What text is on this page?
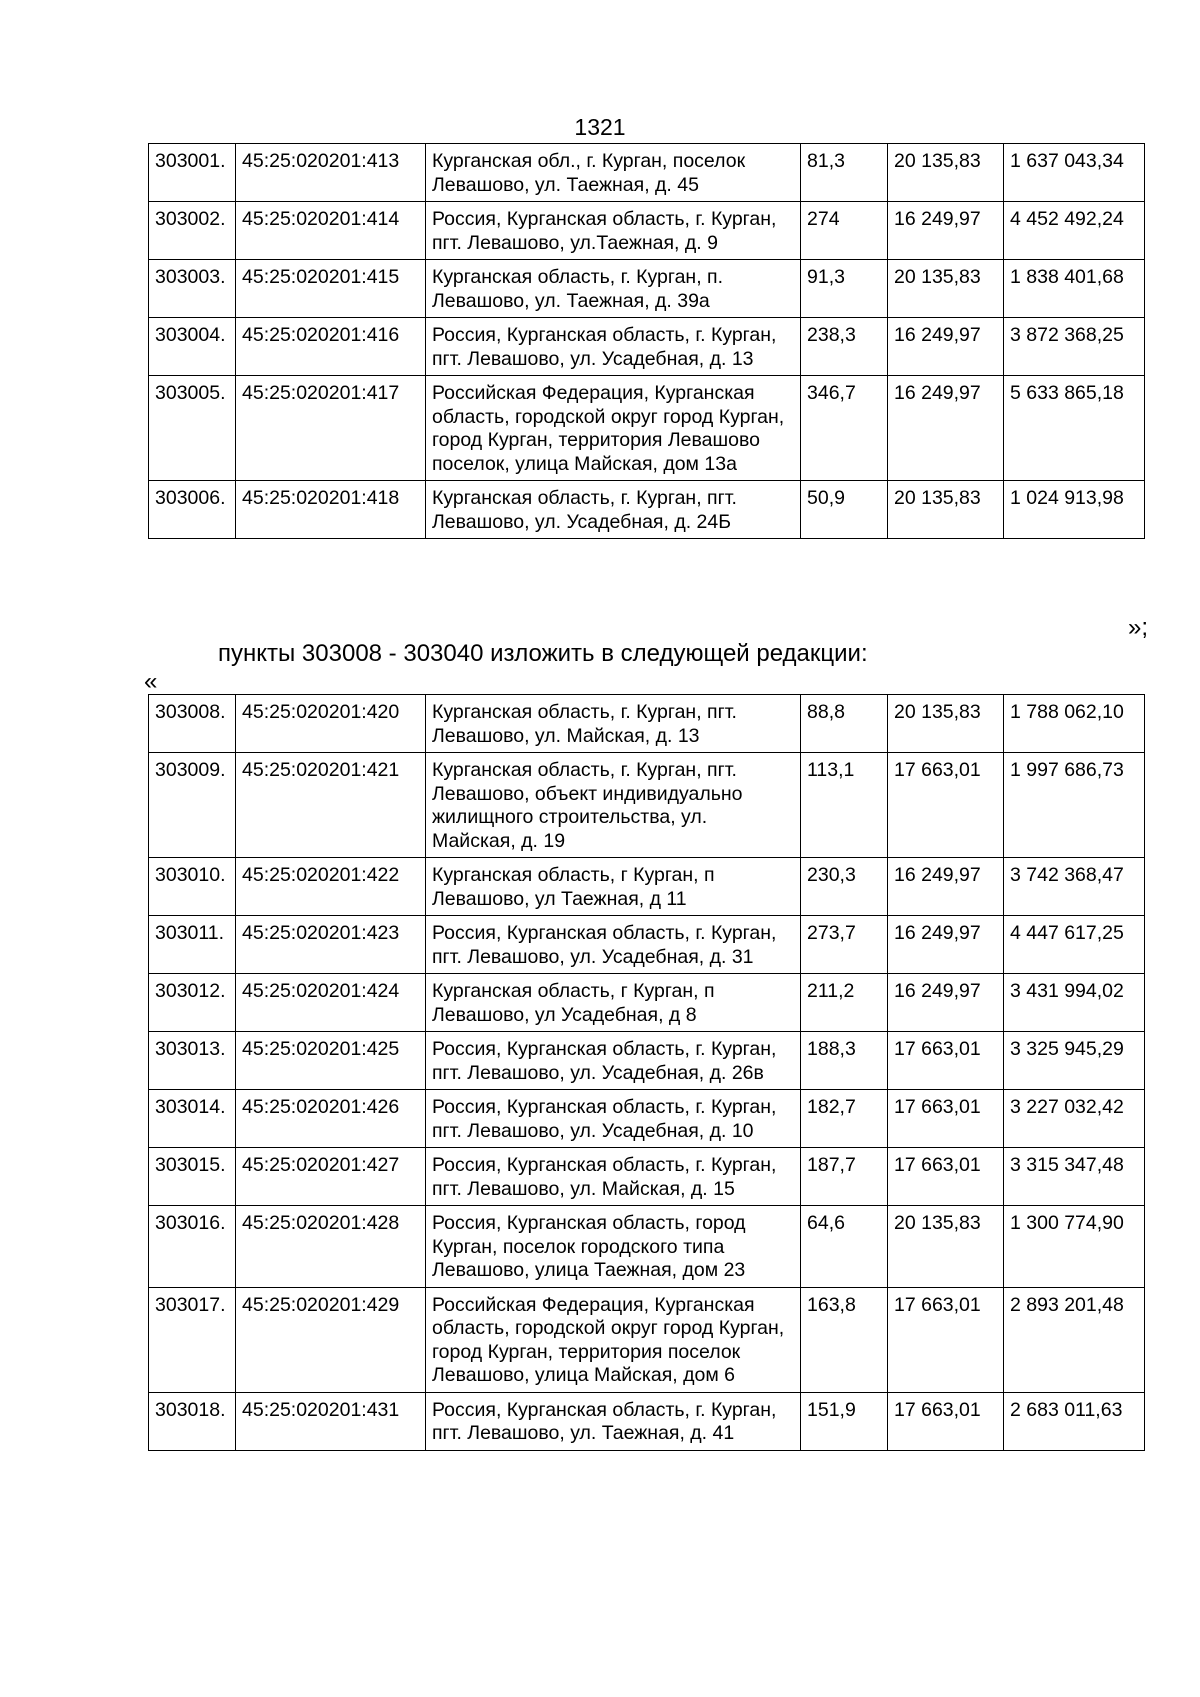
1321
303001.	45:25:020201:413	Курганская обл., г. Курган, поселок Левашово, ул. Таежная, д. 45	81,3	20 135,83	1 637 043,34
303002.	45:25:020201:414	Россия, Курганская область, г. Курган, пгт. Левашово, ул.Таежная, д. 9	274	16 249,97	4 452 492,24
303003.	45:25:020201:415	Курганская область, г. Курган, п. Левашово, ул. Таежная, д. 39а	91,3	20 135,83	1 838 401,68
303004.	45:25:020201:416	Россия, Курганская область, г. Курган, пгт. Левашово, ул. Усадебная, д. 13	238,3	16 249,97	3 872 368,25
303005.	45:25:020201:417	Российская Федерация, Курганская область, городской округ город Курган, город Курган, территория Левашово поселок, улица Майская, дом 13а	346,7	16 249,97	5 633 865,18
303006.	45:25:020201:418	Курганская область, г. Курган, пгт. Левашово, ул. Усадебная, д. 24Б	50,9	20 135,83	1 024 913,98
»;
пункты 303008 - 303040 изложить в следующей редакции:
«
303008.	45:25:020201:420	Курганская область, г. Курган, пгт. Левашово, ул. Майская, д. 13	88,8	20 135,83	1 788 062,10
303009.	45:25:020201:421	Курганская область, г. Курган, пгт. Левашово, объект индивидуально жилищного строительства, ул. Майская, д. 19	113,1	17 663,01	1 997 686,73
303010.	45:25:020201:422	Курганская область, г Курган, п Левашово, ул Таежная, д 11	230,3	16 249,97	3 742 368,47
303011.	45:25:020201:423	Россия, Курганская область, г. Курган, пгт. Левашово, ул. Усадебная, д. 31	273,7	16 249,97	4 447 617,25
303012.	45:25:020201:424	Курганская область, г Курган, п Левашово, ул Усадебная, д 8	211,2	16 249,97	3 431 994,02
303013.	45:25:020201:425	Россия, Курганская область, г. Курган, пгт. Левашово, ул. Усадебная, д. 26в	188,3	17 663,01	3 325 945,29
303014.	45:25:020201:426	Россия, Курганская область, г. Курган, пгт. Левашово, ул. Усадебная, д. 10	182,7	17 663,01	3 227 032,42
303015.	45:25:020201:427	Россия, Курганская область, г. Курган, пгт. Левашово, ул. Майская, д. 15	187,7	17 663,01	3 315 347,48
303016.	45:25:020201:428	Россия, Курганская область, город Курган, поселок городского типа Левашово, улица Таежная, дом 23	64,6	20 135,83	1 300 774,90
303017.	45:25:020201:429	Российская Федерация, Курганская область, городской округ город Курган, город Курган, территория поселок Левашово, улица Майская, дом 6	163,8	17 663,01	2 893 201,48
303018.	45:25:020201:431	Россия, Курганская область, г. Курган, пгт. Левашово, ул. Таежная, д. 41	151,9	17 663,01	2 683 011,63
